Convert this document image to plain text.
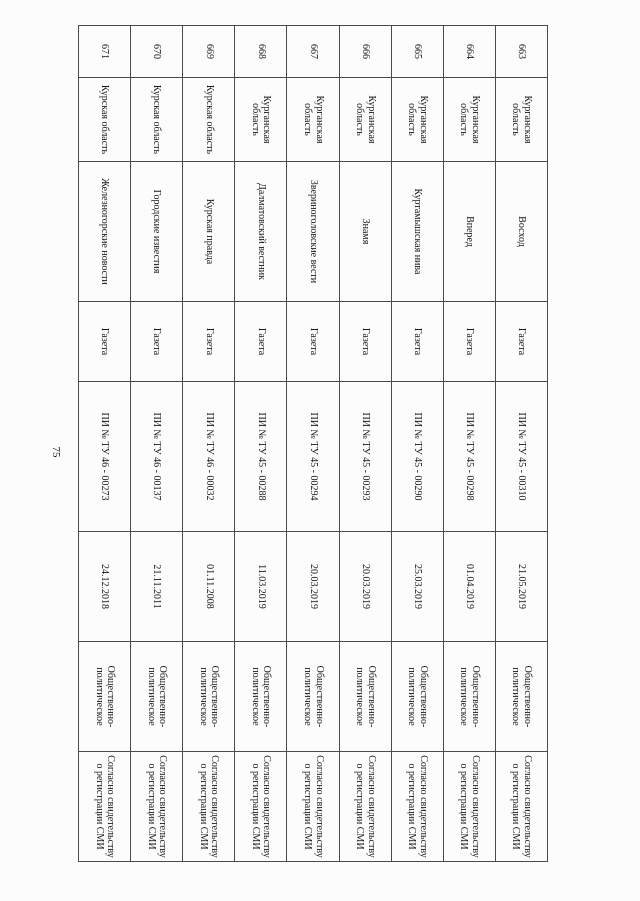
75
663	Курганская область	Восход	Газета	ПИ № ТУ 45 - 00310	21.05.2019	Общественно-политическое	Согласно свидетельству о регистрации СМИ
664	Курганская область	Вперед	Газета	ПИ № ТУ 45 - 00298	01.04.2019	Общественно-политическое	Согласно свидетельству о регистрации СМИ
665	Курганская область	Куртамышская нива	Газета	ПИ № ТУ 45 - 00290	25.03.2019	Общественно-политическое	Согласно свидетельству о регистрации СМИ
666	Курганская область	Знамя	Газета	ПИ № ТУ 45 - 00293	20.03.2019	Общественно-политическое	Согласно свидетельству о регистрации СМИ
667	Курганская область	Звериноголовские вести	Газета	ПИ № ТУ 45 - 00294	20.03.2019	Общественно-политическое	Согласно свидетельству о регистрации СМИ
668	Курганская область	Далматовский вестник	Газета	ПИ № ТУ 45 - 00288	11.03.2019	Общественно-политическое	Согласно свидетельству о регистрации СМИ
669	Курская область	Курская правда	Газета	ПИ № ТУ 46 - 00032	01.11.2008	Общественно-политическое	Согласно свидетельству о регистрации СМИ
670	Курская область	Городские известия	Газета	ПИ № ТУ 46 - 00137	21.11.2011	Общественно-политическое	Согласно свидетельству о регистрации СМИ
671	Курская область	Железногорские новости	Газета	ПИ № ТУ 46 - 00273	24.12.2018	Общественно-политическое	Согласно свидетельству о регистрации СМИ
